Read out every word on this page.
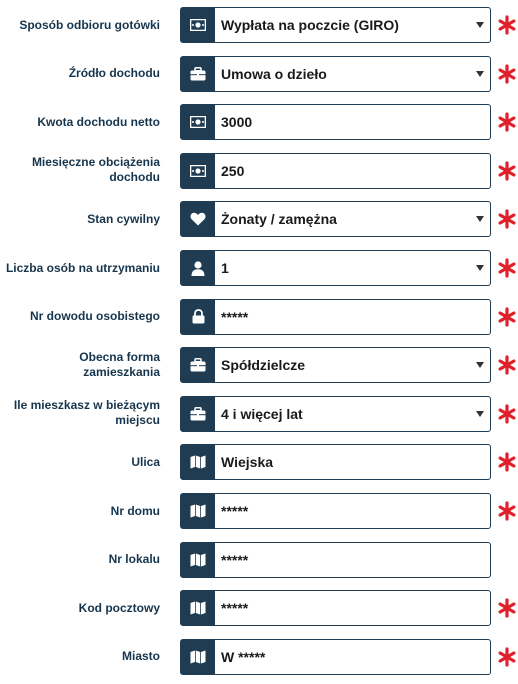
Sposób odbioru gotówki	Wypłata na poczcie (GIRO)
Źródło dochodu	Umowa o dzieło
Kwota dochodu netto	3000
Miesięczne obciążenia dochodu	250
Stan cywilny	Żonaty / zamężna
Liczba osób na utrzymaniu	1
Nr dowodu osobistego	*****
Obecna forma zamieszkania	Spółdzielcze
Ile mieszkasz w bieżącym miejscu	4 i więcej lat
Ulica	Wiejska
Nr domu	*****
Nr lokalu	*****
Kod pocztowy	*****
Miasto	W *****
